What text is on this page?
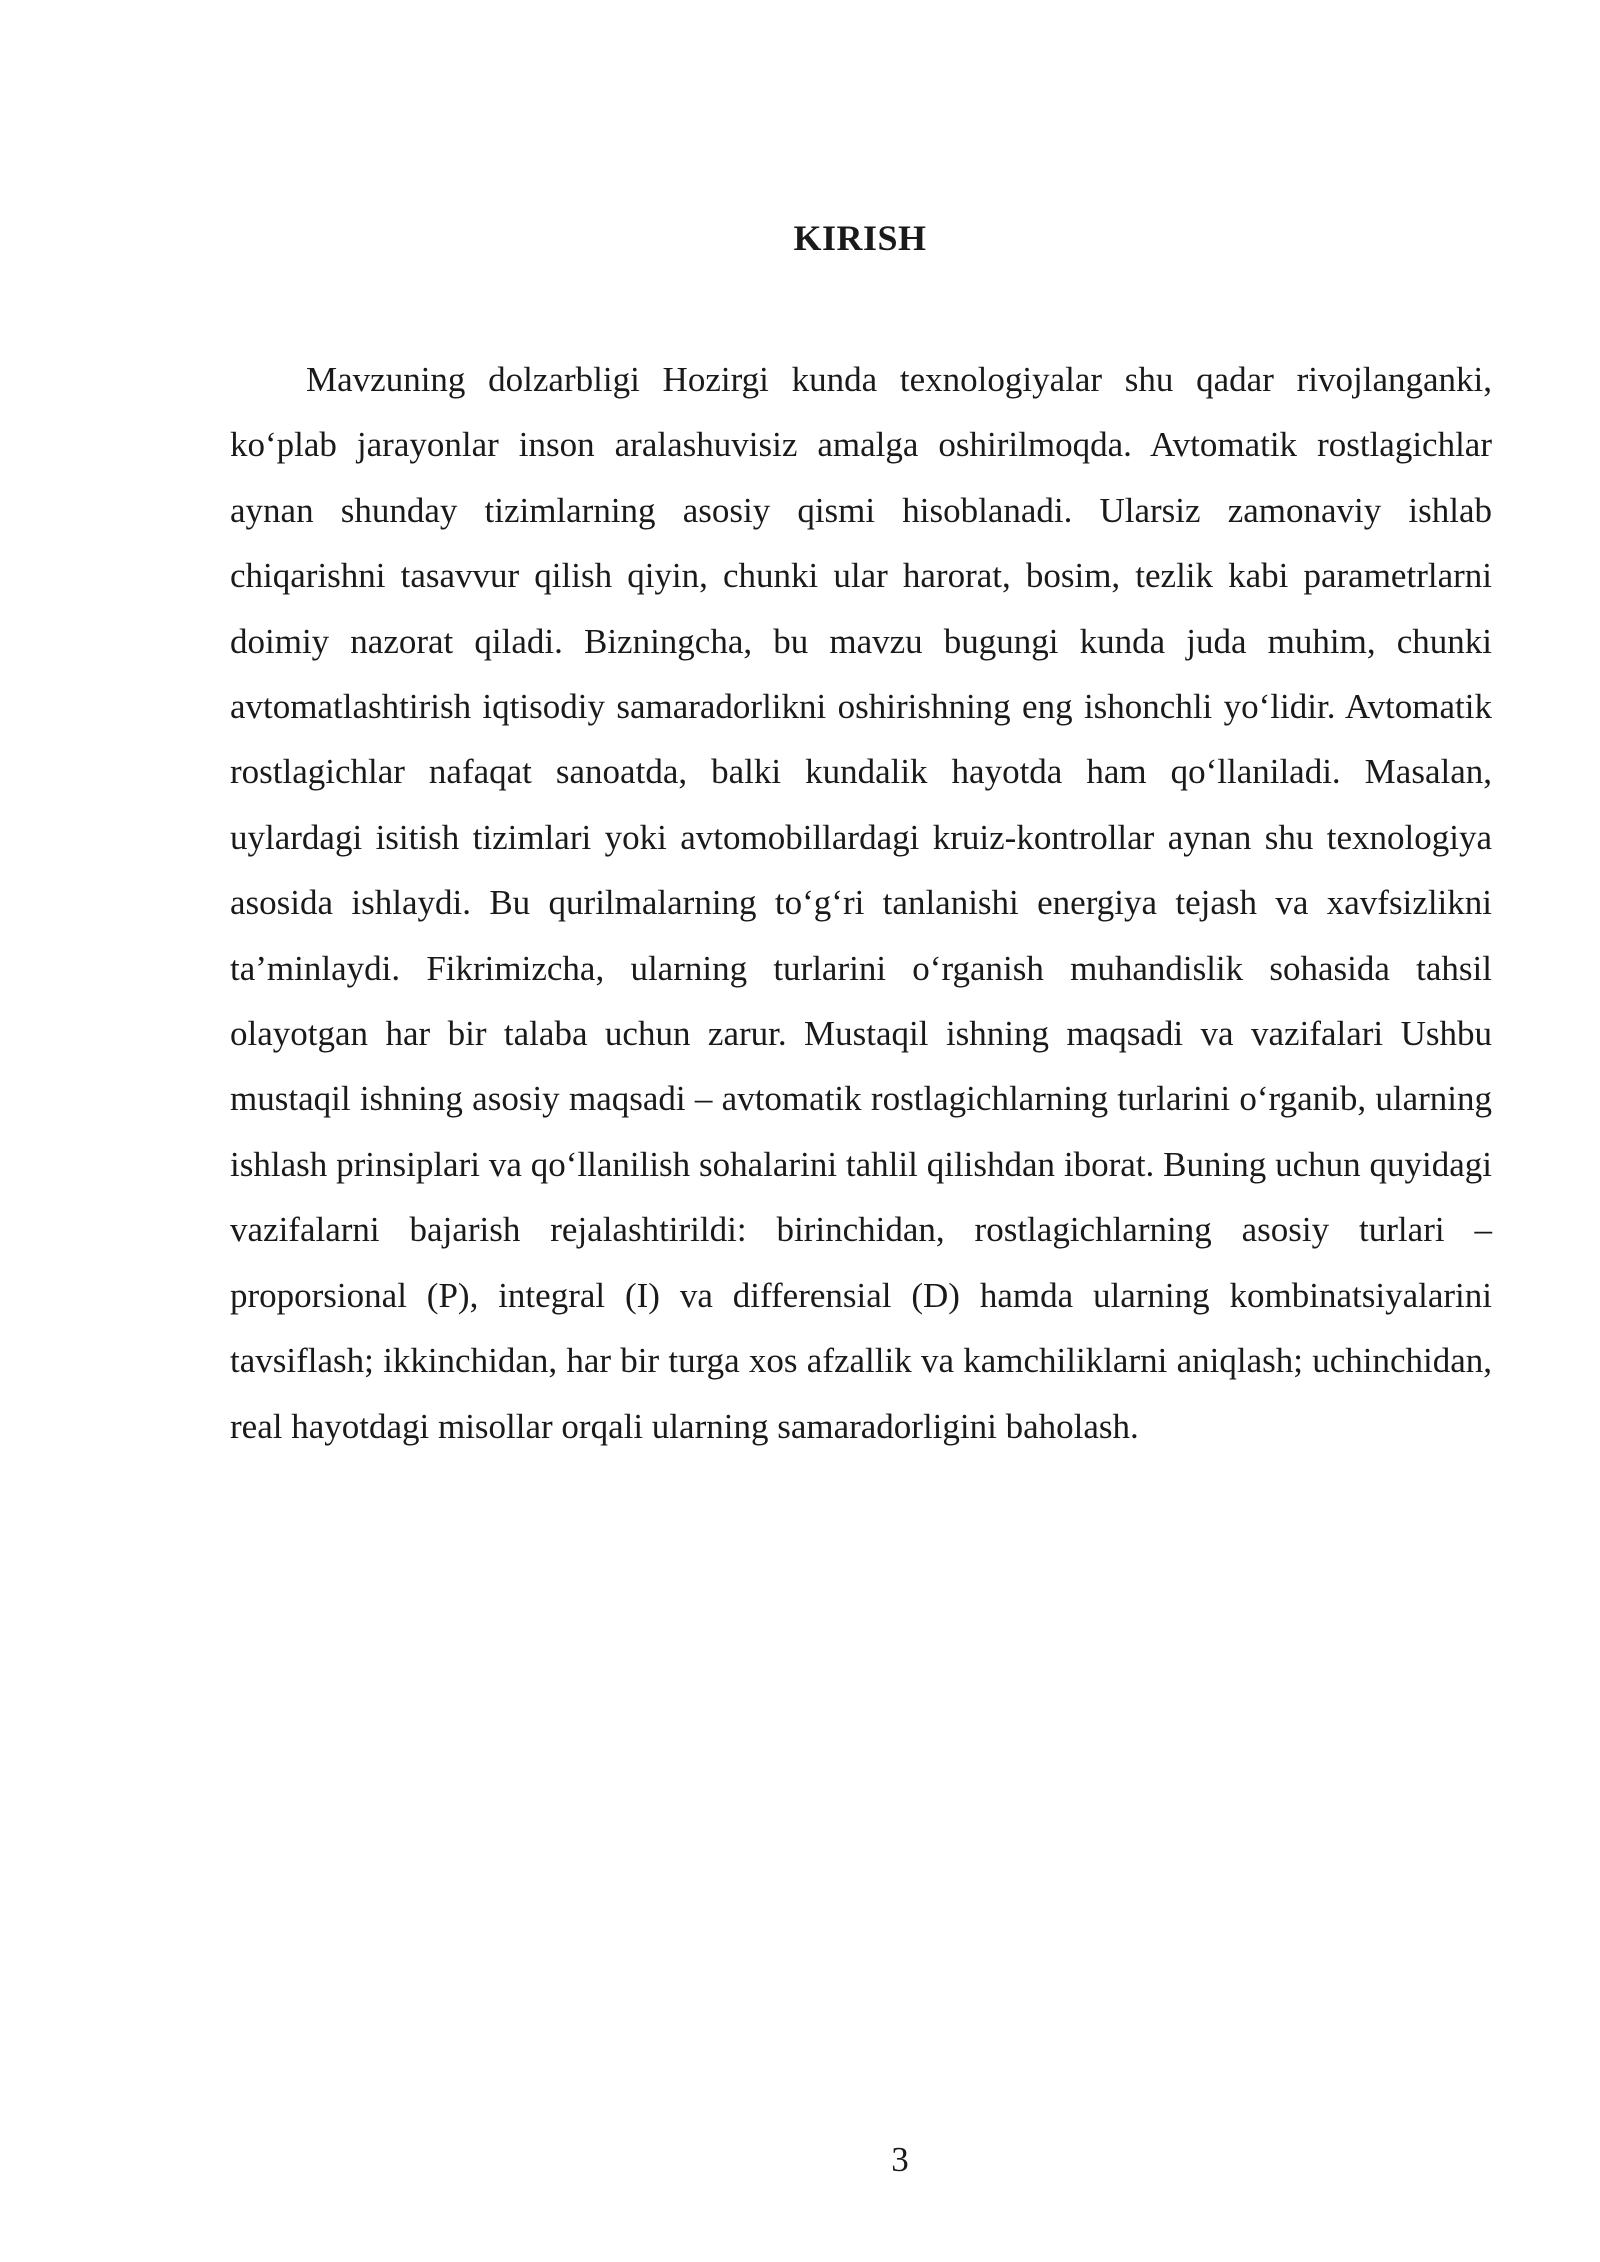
KIRISH

Mavzuning dolzarbligi Hozirgi kunda texnologiyalar shu qadar rivojlanganki, ko‘plab jarayonlar inson aralashuvisiz amalga oshirilmoqda. Avtomatik rostlagichlar aynan shunday tizimlarning asosiy qismi hisoblanadi. Ularsiz zamonaviy ishlab chiqarishni tasavvur qilish qiyin, chunki ular harorat, bosim, tezlik kabi parametrlarni doimiy nazorat qiladi. Bizningcha, bu mavzu bugungi kunda juda muhim, chunki avtomatlashtirish iqtisodiy samaradorlikni oshirishning eng ishonchli yo‘lidir. Avtomatik rostlagichlar nafaqat sanoatda, balki kundalik hayotda ham qo‘llaniladi. Masalan, uylardagi isitish tizimlari yoki avtomobillardagi kruiz-kontrollar aynan shu texnologiya asosida ishlaydi. Bu qurilmalarning to‘g‘ri tanlanishi energiya tejash va xavfsizlikni ta’minlaydi. Fikrimizcha, ularning turlarini o‘rganish muhandislik sohasida tahsil olayotgan har bir talaba uchun zarur. Mustaqil ishning maqsadi va vazifalari Ushbu mustaqil ishning asosiy maqsadi – avtomatik rostlagichlarning turlarini o‘rganib, ularning ishlash prinsiplari va qo‘llanilish sohalarini tahlil qilishdan iborat. Buning uchun quyidagi vazifalarni bajarish rejalashtirildi: birinchidan, rostlagichlarning asosiy turlari – proporsional (P), integral (I) va differensial (D) hamda ularning kombinatsiyalarini tavsiflash; ikkinchidan, har bir turga xos afzallik va kamchiliklarni aniqlash; uchinchidan, real hayotdagi misollar orqali ularning samaradorligini baholash.

3
